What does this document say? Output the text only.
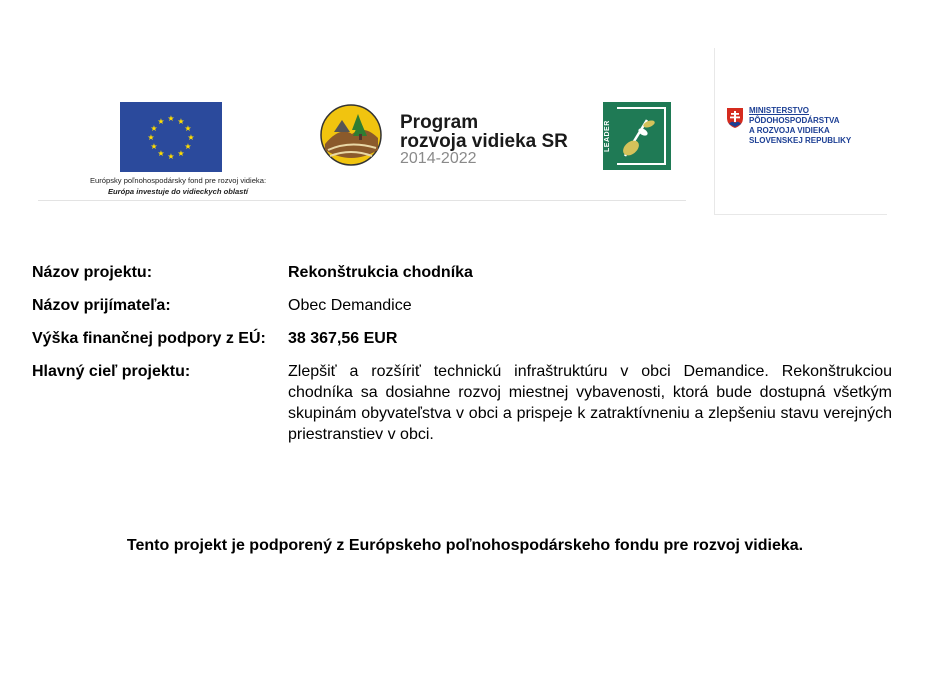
★ ★
★
★
★
★
★
★
★
★
★
★
Európsky poľnohospodársky fond pre rozvoj vidieka:
Európa investuje do vidieckych oblastí
Program
rozvoja vidieka SR
2014-2022
LEADER
MINISTERSTVO
PÔDOHOSPODÁRSTVA
A ROZVOJA VIDIEKA
SLOVENSKEJ REPUBLIKY
Názov projektu:	Rekonštrukcia chodníka
Názov prijímateľa:	Obec Demandice
Výška finančnej podpory z EÚ: 38 367,56 EUR
Hlavný cieľ projektu:	Zlepšiť a rozšíriť technickú infraštruktúru v obci Demandice. Rekonštrukciou chodníka sa dosiahne rozvoj miestnej vybavenosti, ktorá bude dostupná všetkým skupinám obyvateľstva v obci a prispeje k zatraktívneniu a zlepšeniu stavu verejných priestranstiev v obci.
Tento projekt je podporený z Európskeho poľnohospodárskeho fondu pre rozvoj vidieka.
